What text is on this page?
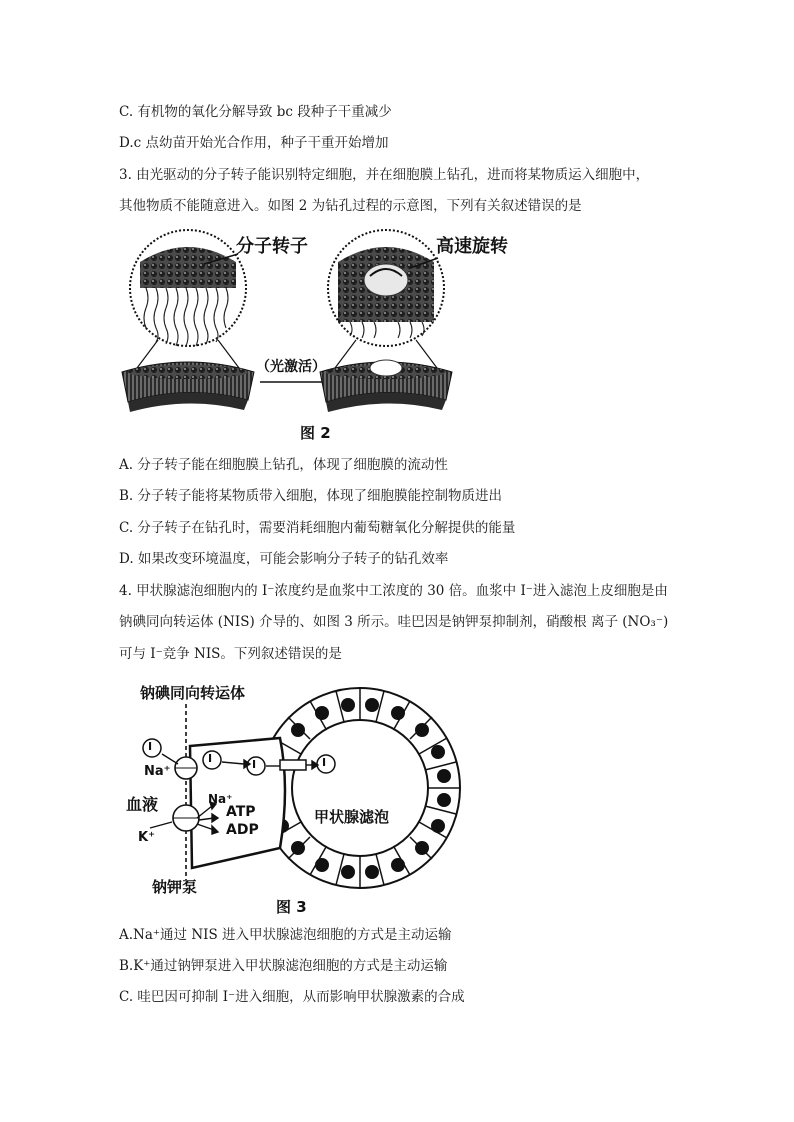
C. 有机物的氧化分解导致 bc 段种子干重减少
D.c 点幼苗开始光合作用，种子干重开始增加
3. 由光驱动的分子转子能识别特定细胞，并在细胞膜上钻孔，进而将某物质运入细胞中，
其他物质不能随意进入。如图 2 为钻孔过程的示意图，下列有关叙述错误的是
分子转子	高速旋转
（光激活）
图 2
A. 分子转子能在细胞膜上钻孔，体现了细胞膜的流动性
B. 分子转子能将某物质带入细胞，体现了细胞膜能控制物质进出
C. 分子转子在钻孔时，需要消耗细胞内葡萄糖氧化分解提供的能量
D. 如果改变环境温度，可能会影响分子转子的钻孔效率
4. 甲状腺滤泡细胞内的 I⁻浓度约是血浆中工浓度的 30 倍。血浆中 I⁻进入滤泡上皮细胞是由
钠碘同向转运体 (NIS) 介导的、如图 3 所示。哇巴因是钠钾泵抑制剂，硝酸根 离子 (NO₃⁻)
可与 I⁻竞争 NIS。下列叙述错误的是
钠碘同向转运体
I
I	I	I
Na⁺
血液
K⁺
Na⁺
ATP
ADP
钠钾泵
甲状腺滤泡
图 3
A.Na⁺通过 NIS 进入甲状腺滤泡细胞的方式是主动运输
B.K⁺通过钠钾泵进入甲状腺滤泡细胞的方式是主动运输
C. 哇巴因可抑制 I⁻进入细胞，从而影响甲状腺激素的合成
